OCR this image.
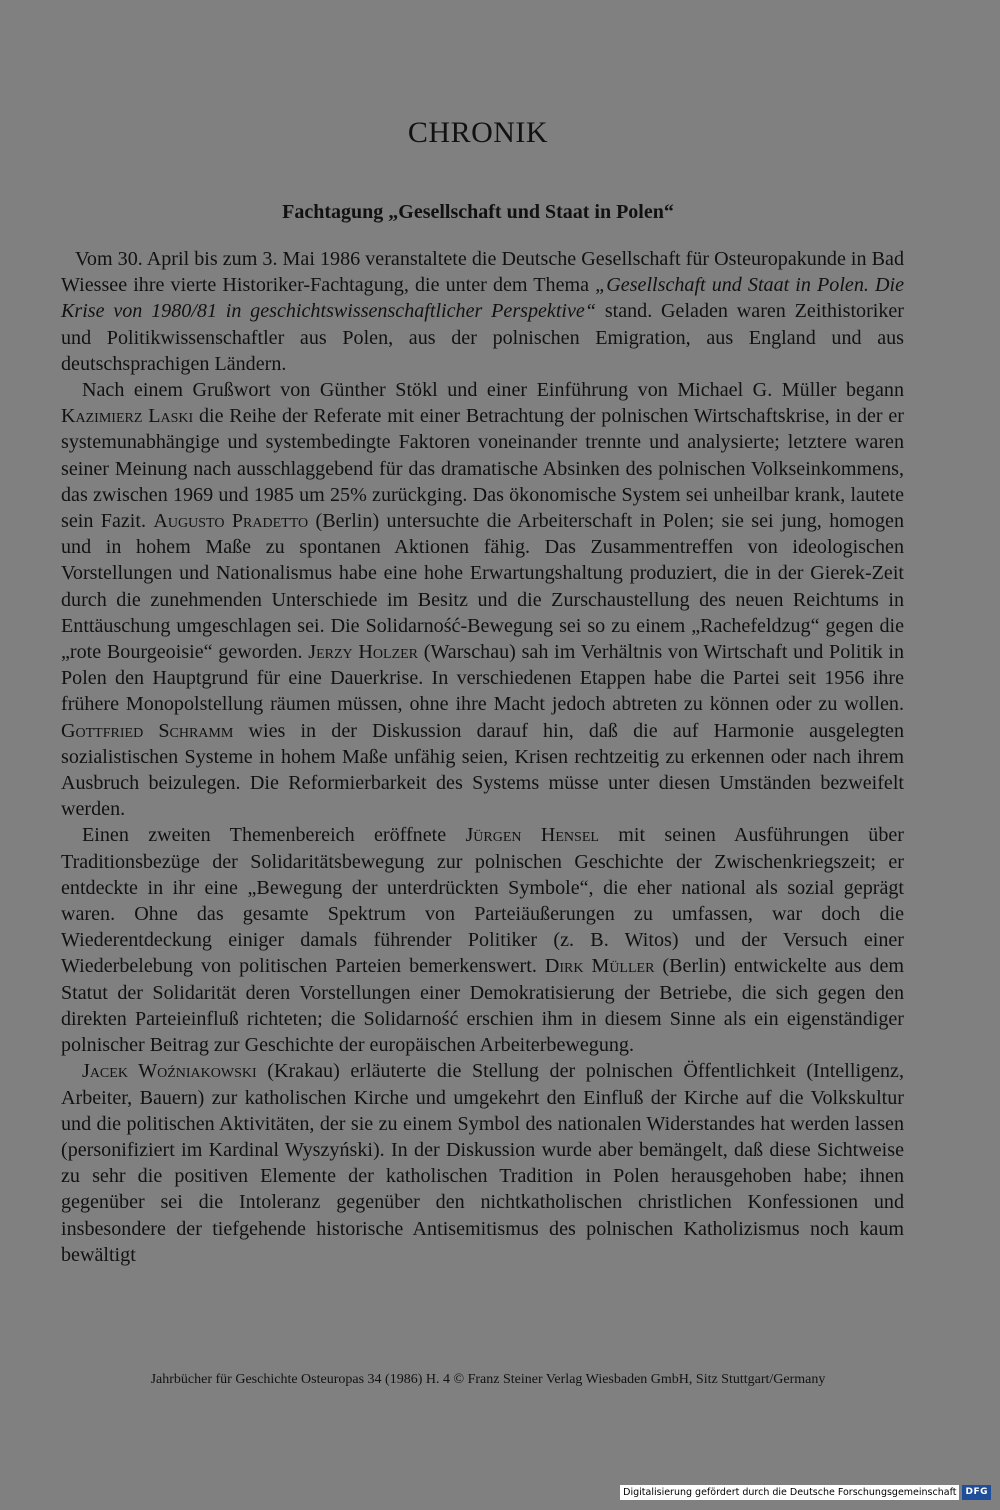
CHRONIK
Fachtagung „Gesellschaft und Staat in Polen“

Vom 30. April bis zum 3. Mai 1986 veranstaltete die Deutsche Gesellschaft für Osteuropakunde in Bad Wiessee ihre vierte Historiker-Fachtagung, die unter dem Thema „Gesellschaft und Staat in Polen. Die Krise von 1980/81 in geschichtswissenschaftlicher Perspektive“ stand. Geladen waren Zeithistoriker und Politikwissenschaftler aus Polen, aus der polnischen Emigration, aus England und aus deutschsprachigen Ländern.

Nach einem Grußwort von Günther Stökl und einer Einführung von Michael G. Müller begann Kazimierz Laski die Reihe der Referate mit einer Betrachtung der polnischen Wirtschaftskrise, in der er systemunabhängige und systembedingte Faktoren voneinander trennte und analysierte; letztere waren seiner Meinung nach ausschlaggebend für das dramatische Absinken des polnischen Volkseinkommens, das zwischen 1969 und 1985 um 25% zurückging. Das ökonomische System sei unheilbar krank, lautete sein Fazit. Augusto Pradetto (Berlin) untersuchte die Arbeiterschaft in Polen; sie sei jung, homogen und in hohem Maße zu spontanen Aktionen fähig. Das Zusammentreffen von ideologischen Vorstellungen und Nationalismus habe eine hohe Erwartungshaltung produziert, die in der Gierek-Zeit durch die zunehmenden Unterschiede im Besitz und die Zurschaustellung des neuen Reichtums in Enttäuschung umgeschlagen sei. Die Solidarność-Bewegung sei so zu einem „Rachefeldzug“ gegen die „rote Bourgeoisie“ geworden. Jerzy Holzer (Warschau) sah im Verhältnis von Wirtschaft und Politik in Polen den Hauptgrund für eine Dauerkrise. In verschiedenen Etappen habe die Partei seit 1956 ihre frühere Monopolstellung räumen müssen, ohne ihre Macht jedoch abtreten zu können oder zu wollen. Gottfried Schramm wies in der Diskussion darauf hin, daß die auf Harmonie ausgelegten sozialistischen Systeme in hohem Maße unfähig seien, Krisen rechtzeitig zu erkennen oder nach ihrem Ausbruch beizulegen. Die Reformierbarkeit des Systems müsse unter diesen Umständen bezweifelt werden.

Einen zweiten Themenbereich eröffnete Jürgen Hensel mit seinen Ausführungen über Traditionsbezüge der Solidaritätsbewegung zur polnischen Geschichte der Zwischenkriegszeit; er entdeckte in ihr eine „Bewegung der unterdrückten Symbole“, die eher national als sozial geprägt waren. Ohne das gesamte Spektrum von Parteiäußerungen zu umfassen, war doch die Wiederentdeckung einiger damals führender Politiker (z. B. Witos) und der Versuch einer Wiederbelebung von politischen Parteien bemerkenswert. Dirk Müller (Berlin) entwickelte aus dem Statut der Solidarität deren Vorstellungen einer Demokratisierung der Betriebe, die sich gegen den direkten Parteieinfluß richteten; die Solidarność erschien ihm in diesem Sinne als ein eigenständiger polnischer Beitrag zur Geschichte der europäischen Arbeiterbewegung.

Jacek Woźniakowski (Krakau) erläuterte die Stellung der polnischen Öffentlichkeit (Intelligenz, Arbeiter, Bauern) zur katholischen Kirche und umgekehrt den Einfluß der Kirche auf die Volkskultur und die politischen Aktivitäten, der sie zu einem Symbol des nationalen Widerstandes hat werden lassen (personifiziert im Kardinal Wyszyński). In der Diskussion wurde aber bemängelt, daß diese Sichtweise zu sehr die positiven Elemente der katholischen Tradition in Polen herausgehoben habe; ihnen gegenüber sei die Intoleranz gegenüber den nichtkatholischen christlichen Konfessionen und insbesondere der tiefgehende historische Antisemitismus des polnischen Katholizismus noch kaum bewältigt

Jahrbücher für Geschichte Osteuropas 34 (1986) H. 4 © Franz Steiner Verlag Wiesbaden GmbH, Sitz Stuttgart/Germany
Digitalisierung gefördert durch die Deutsche Forschungsgemeinschaft	DFG
